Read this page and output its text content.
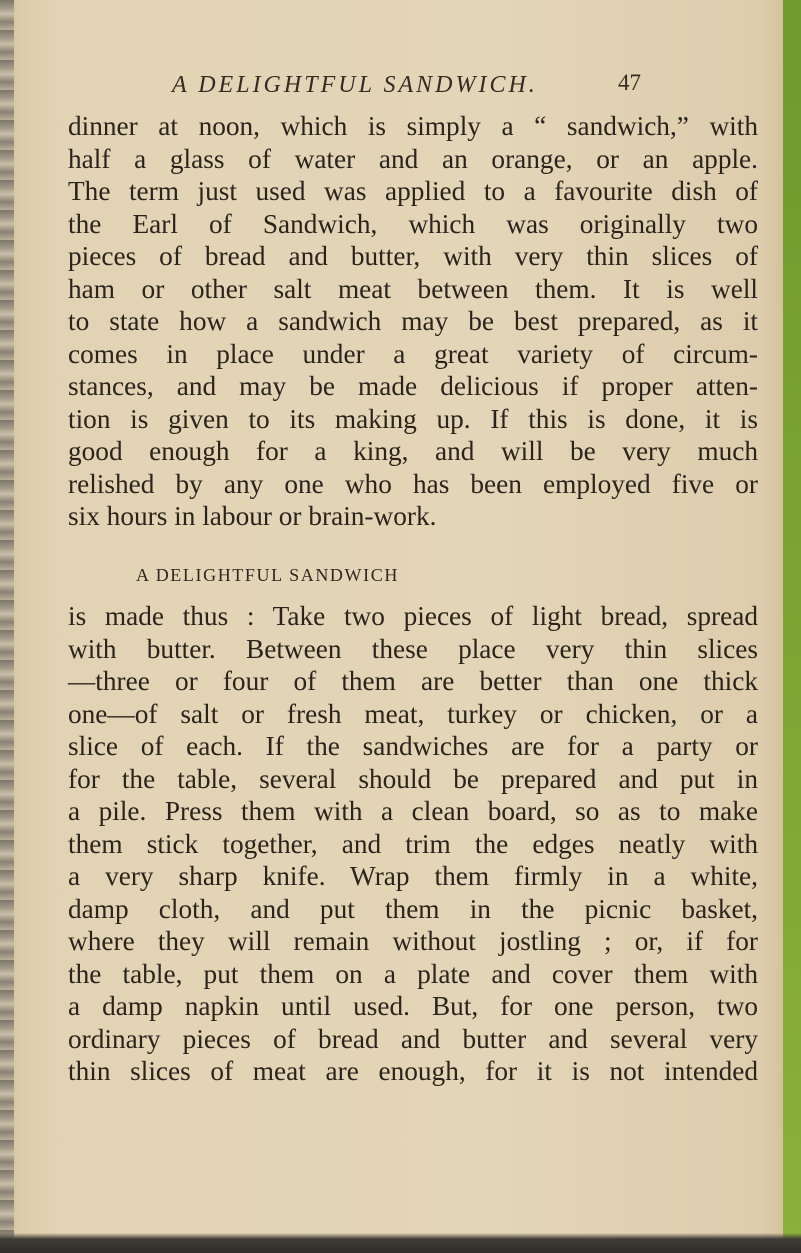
A DELIGHTFUL SANDWICH.	47
dinner at noon, which is simply a “ sandwich,” with
half a glass of water and an orange, or an apple.
The term just used was applied to a favourite dish of
the Earl of Sandwich, which was originally two
pieces of bread and butter, with very thin slices of
ham or other salt meat between them. It is well
to state how a sandwich may be best prepared, as it
comes in place under a great variety of circum-
stances, and may be made delicious if proper atten-
tion is given to its making up. If this is done, it is
good enough for a king, and will be very much
relished by any one who has been employed five or
six hours in labour or brain-work.
A DELIGHTFUL SANDWICH
is made thus : Take two pieces of light bread, spread
with butter. Between these place very thin slices
—three or four of them are better than one thick
one—of salt or fresh meat, turkey or chicken, or a
slice of each. If the sandwiches are for a party or
for the table, several should be prepared and put in
a pile. Press them with a clean board, so as to make
them stick together, and trim the edges neatly with
a very sharp knife. Wrap them firmly in a white,
damp cloth, and put them in the picnic basket,
where they will remain without jostling ; or, if for
the table, put them on a plate and cover them with
a damp napkin until used. But, for one person, two
ordinary pieces of bread and butter and several very
thin slices of meat are enough, for it is not intended
